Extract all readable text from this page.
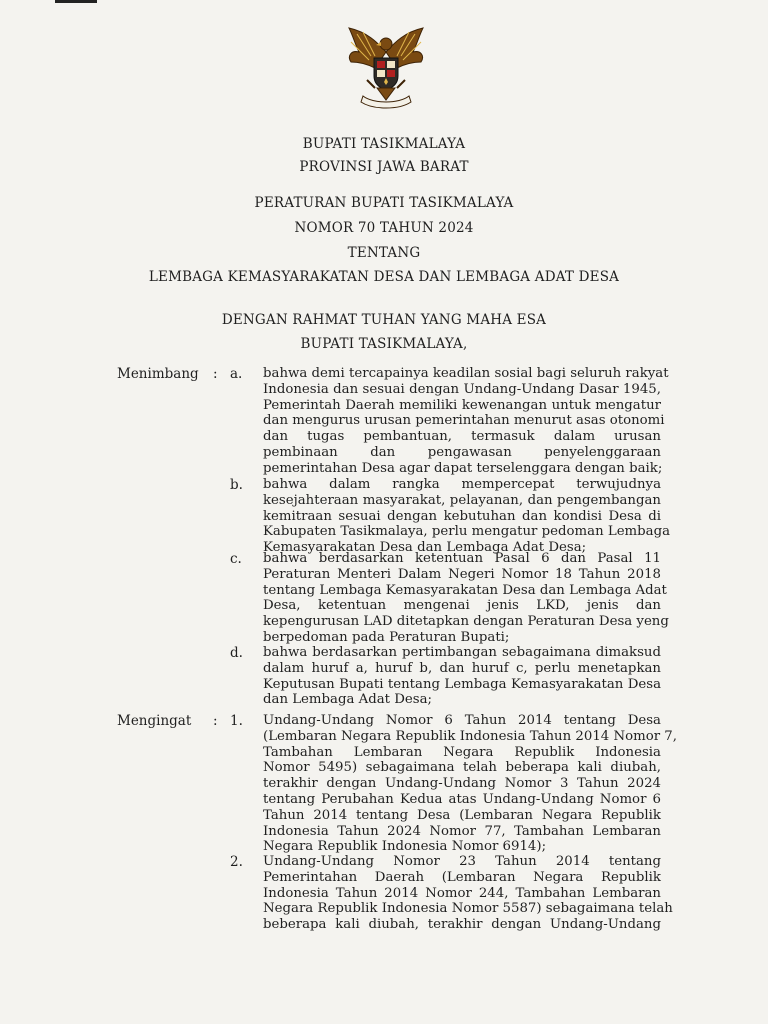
BUPATI TASIKMALAYA
PROVINSI JAWA BARAT
PERATURAN BUPATI TASIKMALAYA
NOMOR 70 TAHUN 2024
TENTANG
LEMBAGA KEMASYARAKATAN DESA DAN LEMBAGA ADAT DESA
DENGAN RAHMAT TUHAN YANG MAHA ESA
BUPATI TASIKMALAYA,
Menimbang : a. bahwa demi tercapainya keadilan sosial bagi seluruh rakyat
Indonesia dan sesuai dengan Undang-Undang Dasar 1945,
Pemerintah Daerah memiliki kewenangan untuk mengatur
dan mengurus urusan pemerintahan menurut asas otonomi
dan tugas pembantuan, termasuk dalam urusan
pembinaan dan pengawasan penyelenggaraan
pemerintahan Desa agar dapat terselenggara dengan baik;
b. bahwa dalam rangka mempercepat terwujudnya
kesejahteraan masyarakat, pelayanan, dan pengembangan
kemitraan sesuai dengan kebutuhan dan kondisi Desa di
Kabupaten Tasikmalaya, perlu mengatur pedoman Lembaga
Kemasyarakatan Desa dan Lembaga Adat Desa;
c. bahwa berdasarkan ketentuan Pasal 6 dan Pasal 11
Peraturan Menteri Dalam Negeri Nomor 18 Tahun 2018
tentang Lembaga Kemasyarakatan Desa dan Lembaga Adat
Desa, ketentuan mengenai jenis LKD, jenis dan
kepengurusan LAD ditetapkan dengan Peraturan Desa yeng
berpedoman pada Peraturan Bupati;
d. bahwa berdasarkan pertimbangan sebagaimana dimaksud
dalam huruf a, huruf b, dan huruf c, perlu menetapkan
Keputusan Bupati tentang Lembaga Kemasyarakatan Desa
dan Lembaga Adat Desa;
Mengingat : 1. Undang-Undang Nomor 6 Tahun 2014 tentang Desa
(Lembaran Negara Republik Indonesia Tahun 2014 Nomor 7,
Tambahan Lembaran Negara Republik Indonesia
Nomor 5495) sebagaimana telah beberapa kali diubah,
terakhir dengan Undang-Undang Nomor 3 Tahun 2024
tentang Perubahan Kedua atas Undang-Undang Nomor 6
Tahun 2014 tentang Desa (Lembaran Negara Republik
Indonesia Tahun 2024 Nomor 77, Tambahan Lembaran
Negara Republik Indonesia Nomor 6914);
2. Undang-Undang Nomor 23 Tahun 2014 tentang
Pemerintahan Daerah (Lembaran Negara Republik
Indonesia Tahun 2014 Nomor 244, Tambahan Lembaran
Negara Republik Indonesia Nomor 5587) sebagaimana telah
beberapa kali diubah, terakhir dengan Undang-Undang
